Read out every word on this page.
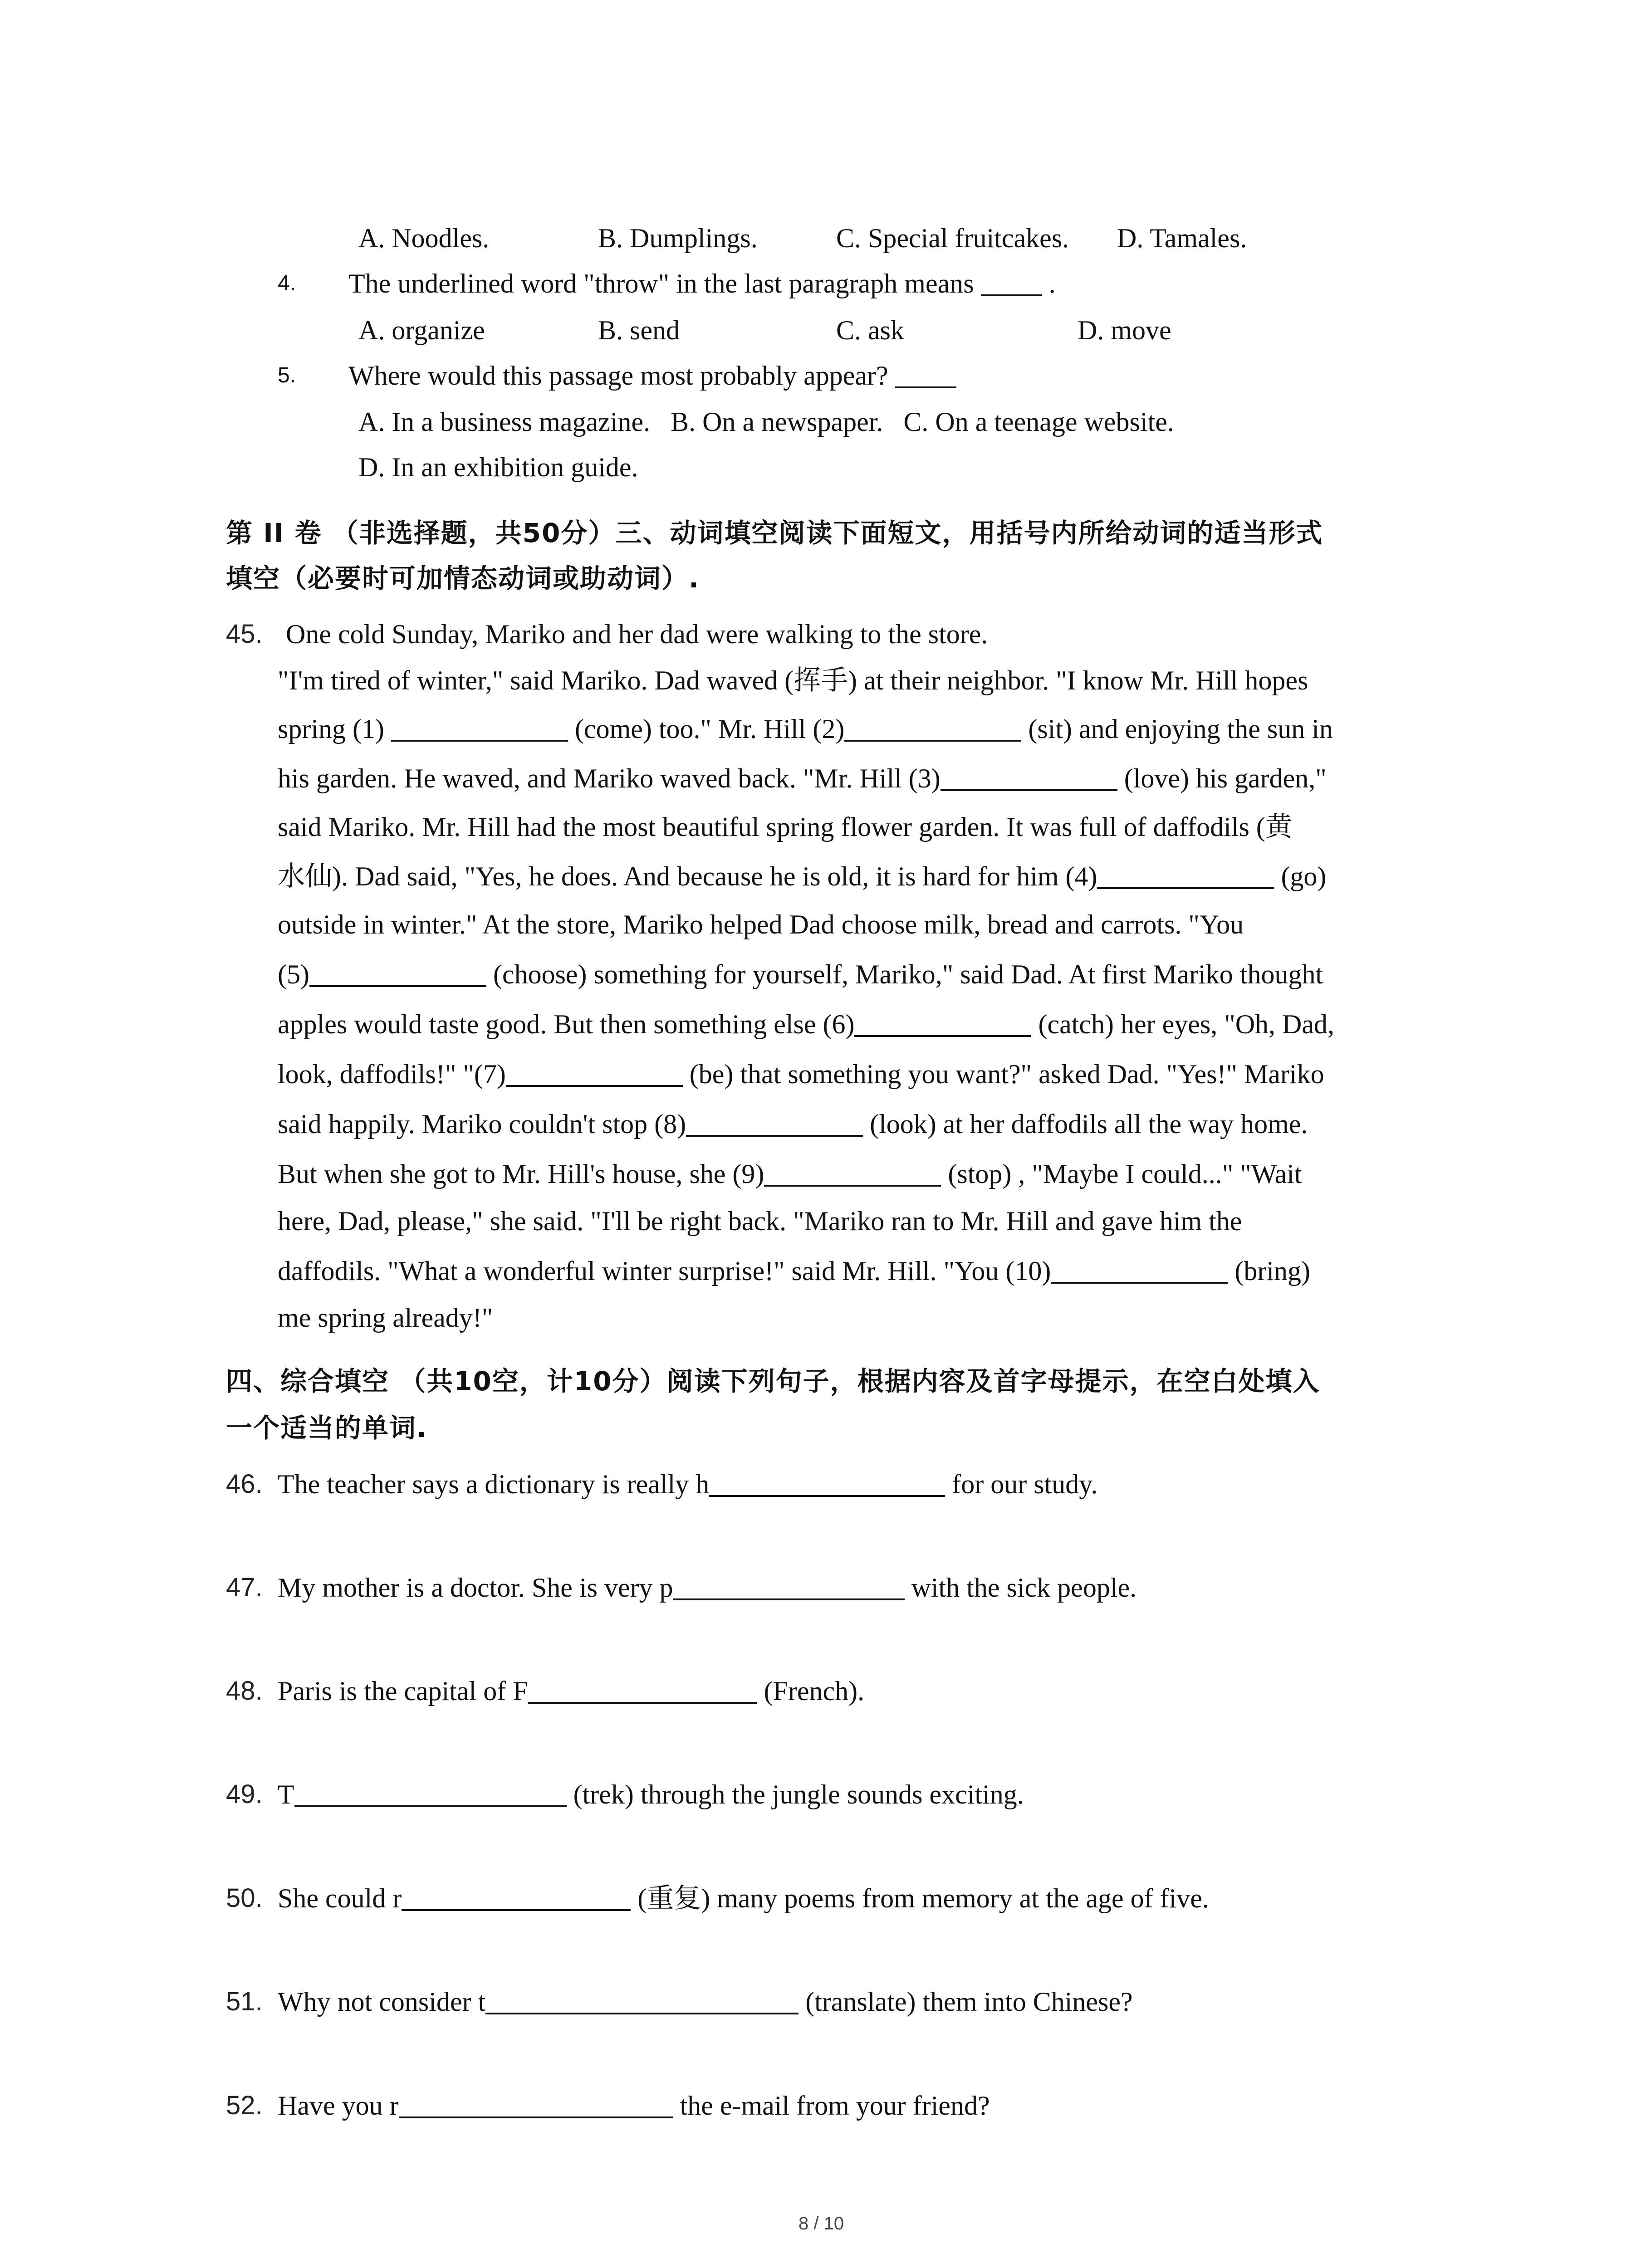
A. Noodles.	B. Dumplings.	C. Special fruitcakes. D. Tamales.
4. The underlined word "throw" in the last paragraph means	.
A. organize	B. send	C. ask	D. move
5. Where would this passage most probably appear?
A. In a business magazine. B. On a newspaper. C. On a teenage website.
D. In an exhibition guide.
第 II 卷 （非选择题，共50分）三、动词填空阅读下面短文，用括号内所给动词的适当形式
填空（必要时可加情态动词或助动词）.
45. One cold Sunday, Mariko and her dad were walking to the store.
"I'm tired of winter," said Mariko. Dad waved (挥手) at their neighbor. "I know Mr. Hill hopes
spring (1)	(come) too." Mr. Hill (2)	(sit) and enjoying the sun in
his garden. He waved, and Mariko waved back. "Mr. Hill (3)	(love) his garden,"
said Mariko. Mr. Hill had the most beautiful spring flower garden. It was full of daffodils (黄
水仙). Dad said, "Yes, he does. And because he is old, it is hard for him (4)	(go)
outside in winter." At the store, Mariko helped Dad choose milk, bread and carrots. "You
(5)	(choose) something for yourself, Mariko," said Dad. At first Mariko thought
apples would taste good. But then something else (6)	(catch) her eyes, "Oh, Dad,
look, daffodils!" "(7)	(be) that something you want?" asked Dad. "Yes!" Mariko
said happily. Mariko couldn't stop (8)	(look) at her daffodils all the way home.
But when she got to Mr. Hill's house, she (9)	(stop) , "Maybe I could..." "Wait
here, Dad, please," she said. "I'll be right back. "Mariko ran to Mr. Hill and gave him the
daffodils. "What a wonderful winter surprise!" said Mr. Hill. "You (10)	(bring)
me spring already!"
四、综合填空 （共10空，计10分）阅读下列句子，根据内容及首字母提示，在空白处填入
一个适当的单词.
46. The teacher says a dictionary is really h	for our study.
47. My mother is a doctor. She is very p	with the sick people.
48. Paris is the capital of F	(French).
49. T	(trek) through the jungle sounds exciting.
50. She could r	(重复) many poems from memory at the age of five.
51. Why not consider t	(translate) them into Chinese?
52. Have you r	the e-mail from your friend?
8 / 10
